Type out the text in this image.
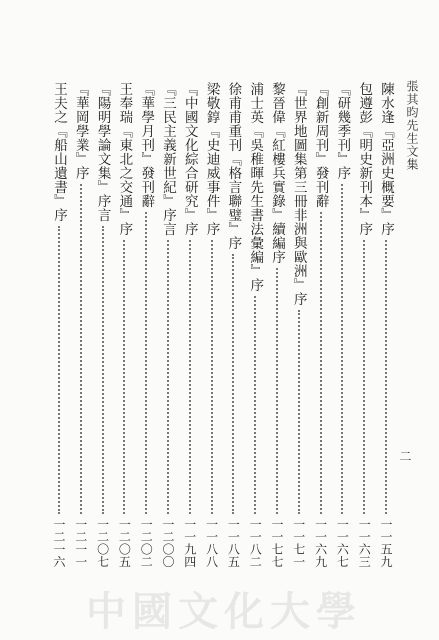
張其昀先生文集
陳水逢『亞洲史概要』序
一一五九
包遵彭『明史新刊本』序
一一六三
『研幾季刊』序
一一六七
『創新周刊』發刊辭
一一六九
『世界地圖集第三冊非洲與歐洲』序
一一七一
黎晉偉『紅樓兵實錄』續編序
一一七七
浦士英『吳稚暉先生書法彙編』序
一一八二
徐甫甫重刊『格言聯璧』序
一一八五
梁敬錞『史迪威事件』序
一一八八
『中國文化綜合研究』序
一一九四
『三民主義新世紀』序言
一二〇〇
『華學月刊』發刊辭
一二〇二
王奉瑞『東北之交通』序
一二〇五
『陽明學論文集』序言
一二〇七
『華岡學業』序
一二一一
王夫之『船山遺書』序
一二一六
二
中國文化大學
